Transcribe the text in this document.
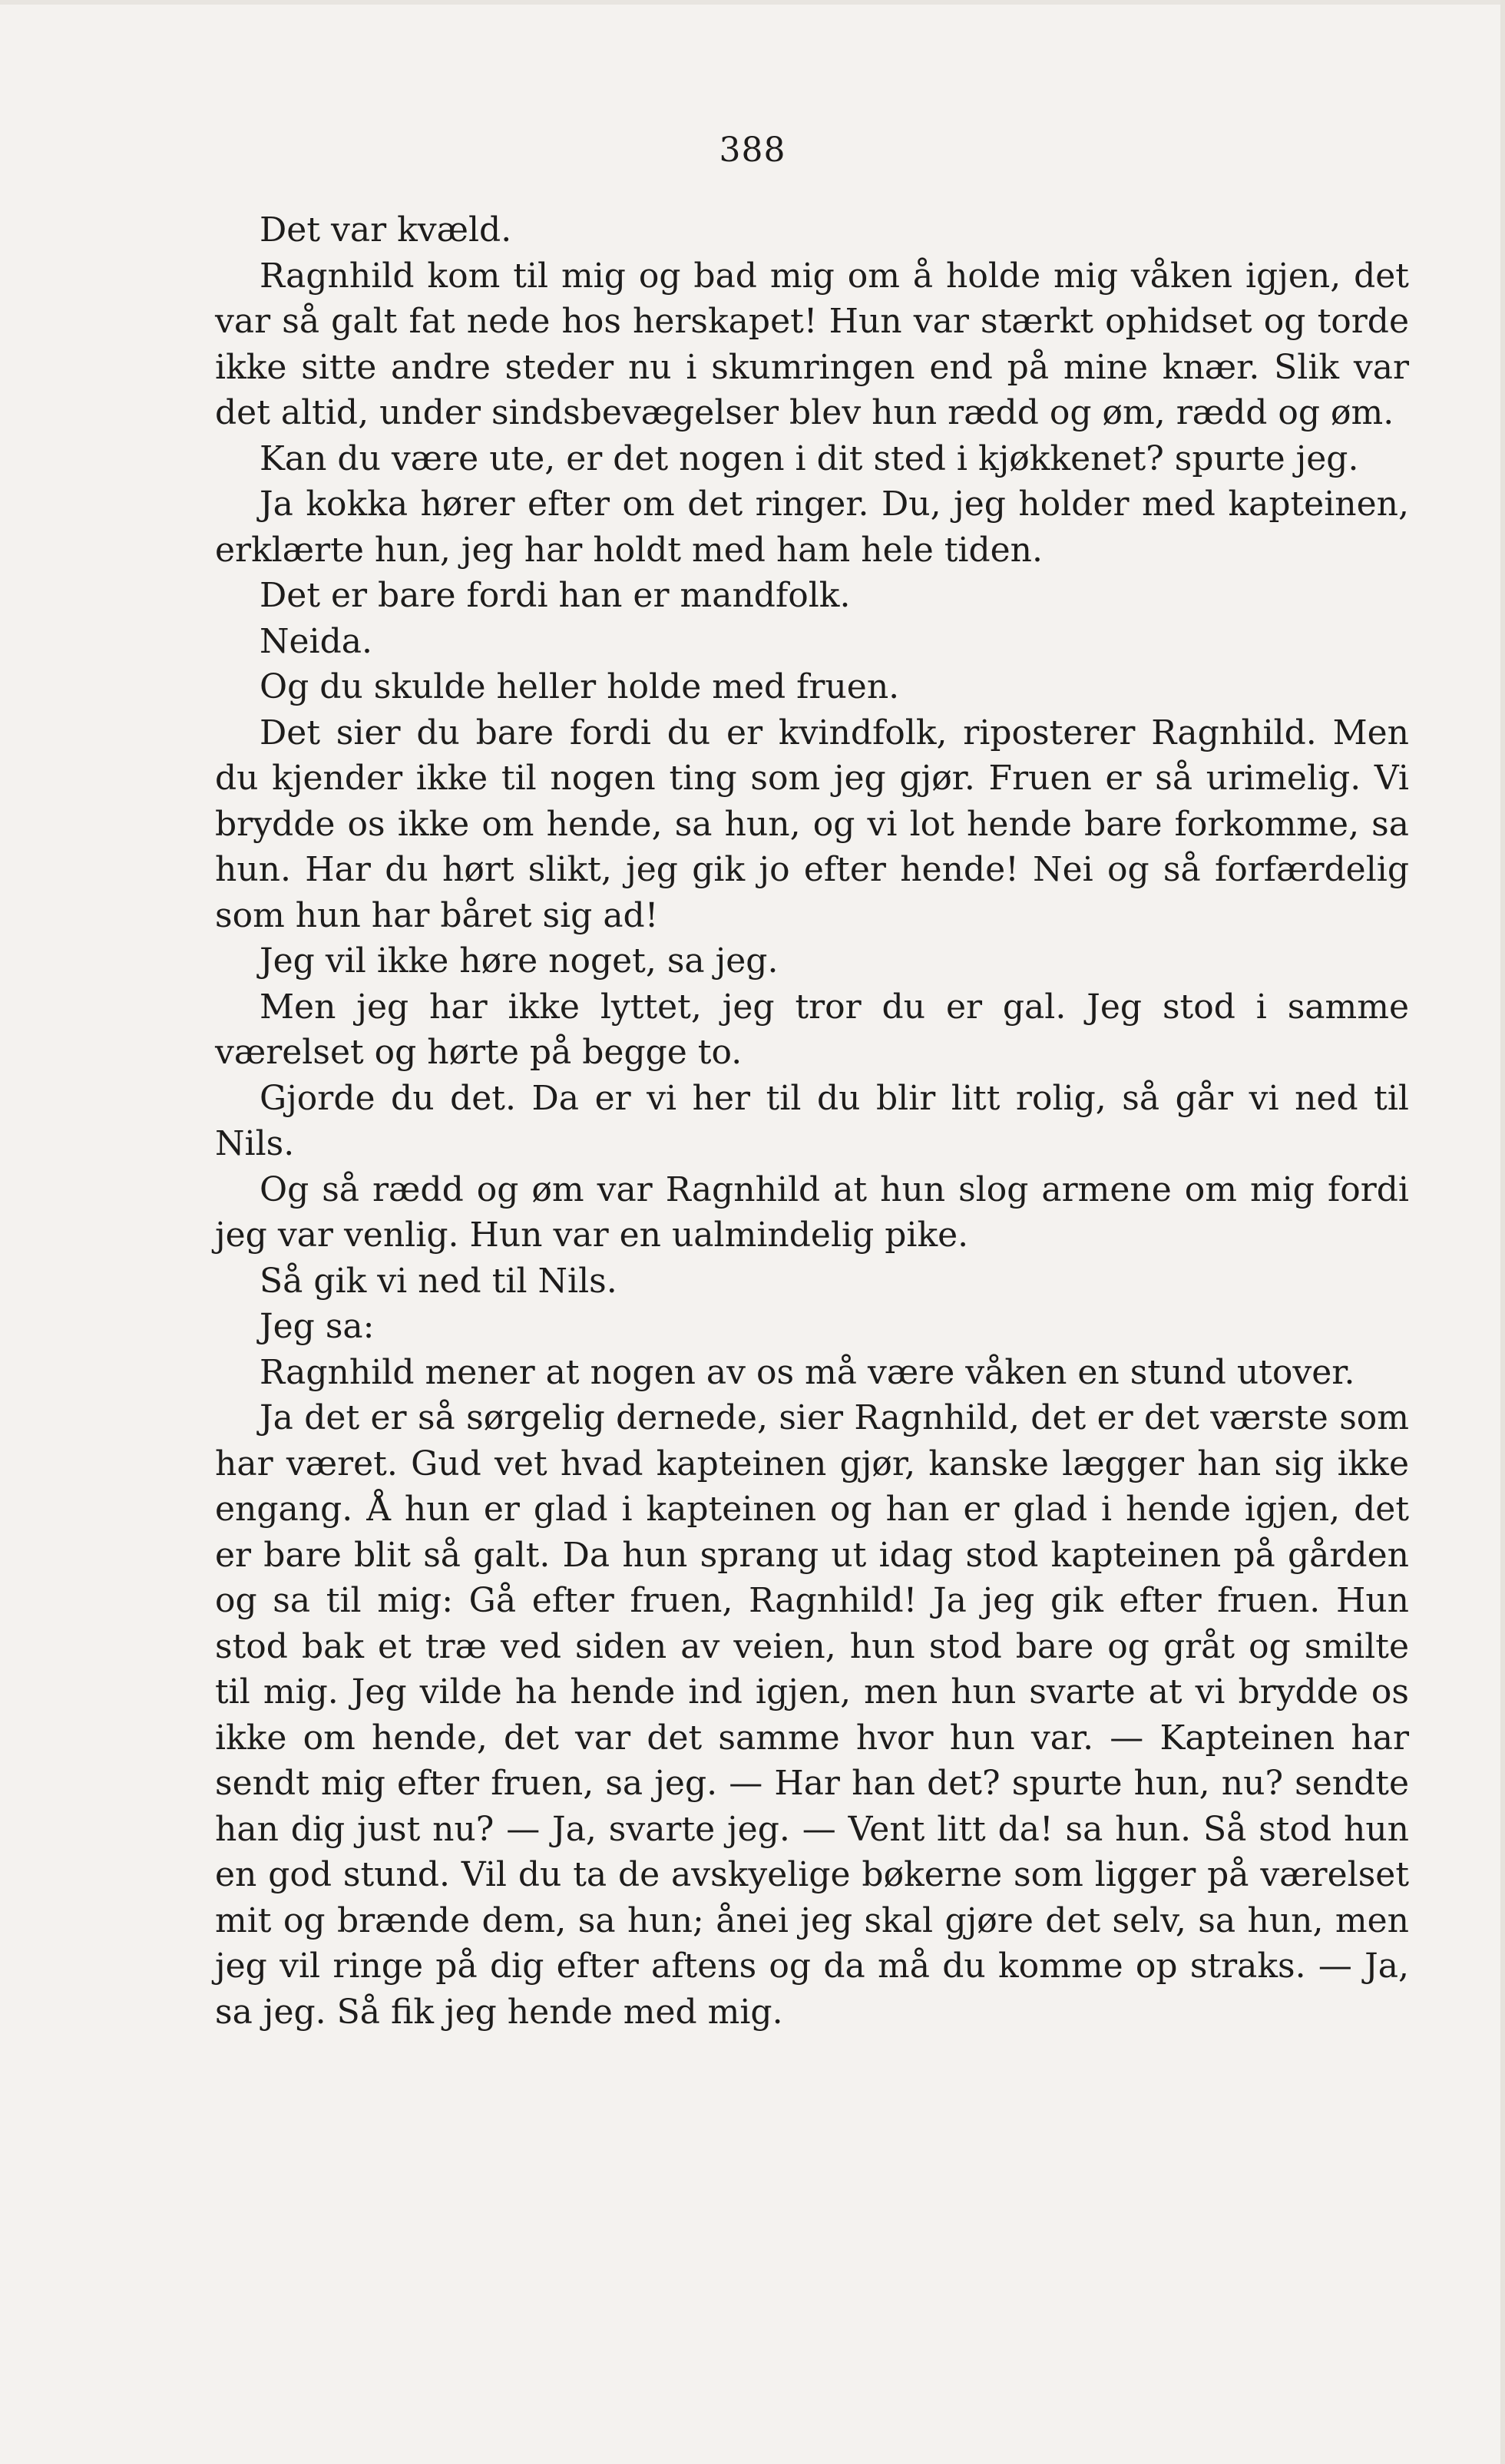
388

Det var kvæld.

Ragnhild kom til mig og bad mig om å holde mig våken igjen, det var så galt fat nede hos herskapet! Hun var stærkt ophidset og torde ikke sitte andre steder nu i skumringen end på mine knær. Slik var det altid, under sindsbevægelser blev hun rædd og øm, rædd og øm.

Kan du være ute, er det nogen i dit sted i kjøkkenet? spurte jeg.

Ja kokka hører efter om det ringer. Du, jeg holder med kapteinen, erklærte hun, jeg har holdt med ham hele tiden.

Det er bare fordi han er mandfolk.

Neida.

Og du skulde heller holde med fruen.

Det sier du bare fordi du er kvindfolk, riposterer Ragnhild. Men du kjender ikke til nogen ting som jeg gjør. Fruen er så urimelig. Vi brydde os ikke om hende, sa hun, og vi lot hende bare forkomme, sa hun. Har du hørt slikt, jeg gik jo efter hende! Nei og så forfærdelig som hun har båret sig ad!

Jeg vil ikke høre noget, sa jeg.

Men jeg har ikke lyttet, jeg tror du er gal. Jeg stod i samme værelset og hørte på begge to.

Gjorde du det. Da er vi her til du blir litt rolig, så går vi ned til Nils.

Og så rædd og øm var Ragnhild at hun slog armene om mig fordi jeg var venlig. Hun var en ualmindelig pike.

Så gik vi ned til Nils.

Jeg sa:

Ragnhild mener at nogen av os må være våken en stund utover.

Ja det er så sørgelig dernede, sier Ragnhild, det er det værste som har været. Gud vet hvad kapteinen gjør, kanske lægger han sig ikke engang. Å hun er glad i kapteinen og han er glad i hende igjen, det er bare blit så galt. Da hun sprang ut idag stod kapteinen på gården og sa til mig: Gå efter fruen, Ragnhild! Ja jeg gik efter fruen. Hun stod bak et træ ved siden av veien, hun stod bare og gråt og smilte til mig. Jeg vilde ha hende ind igjen, men hun svarte at vi brydde os ikke om hende, det var det samme hvor hun var. — Kapteinen har sendt mig efter fruen, sa jeg. — Har han det? spurte hun, nu? sendte han dig just nu? — Ja, svarte jeg. — Vent litt da! sa hun. Så stod hun en god stund. Vil du ta de avskyelige bøkerne som ligger på værelset mit og brænde dem, sa hun; ånei jeg skal gjøre det selv, sa hun, men jeg vil ringe på dig efter aftens og da må du komme op straks. — Ja, sa jeg. Så fik jeg hende med mig.
